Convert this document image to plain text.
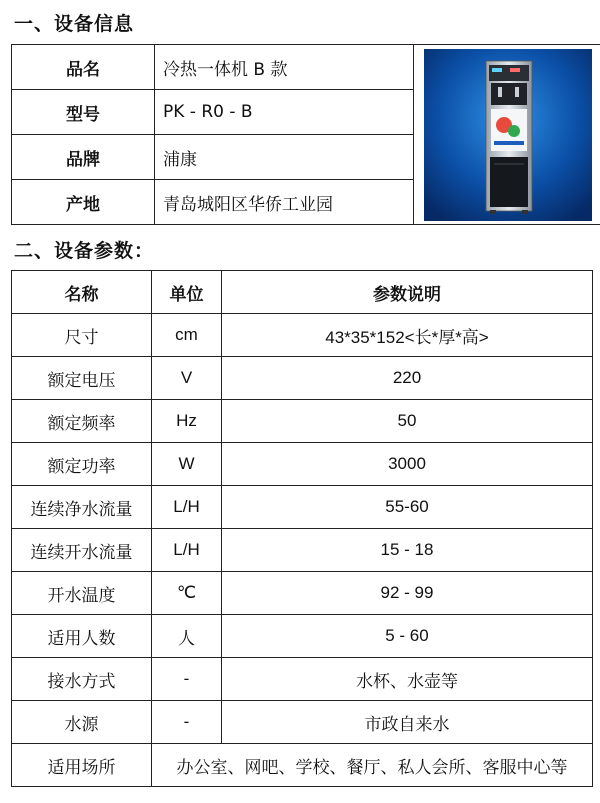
一、设备信息
品名	冷热一体机 B 款	
型号	PK - R0 - B	
品牌	浦康	
产地	青岛城阳区华侨工业园	
二、设备参数：
名称	单位	参数说明
尺寸	cm	43*35*152<长*厚*高>
额定电压	V	220
额定频率	Hz	50
额定功率	W	3000
连续净水流量	L/H	55-60
连续开水流量	L/H	15 - 18
开水温度	℃	92 - 99
适用人数	人	5 - 60
接水方式	-	水杯、水壶等
水源	-	市政自来水
适用场所	办公室、网吧、学校、餐厅、私人会所、客服中心等	
